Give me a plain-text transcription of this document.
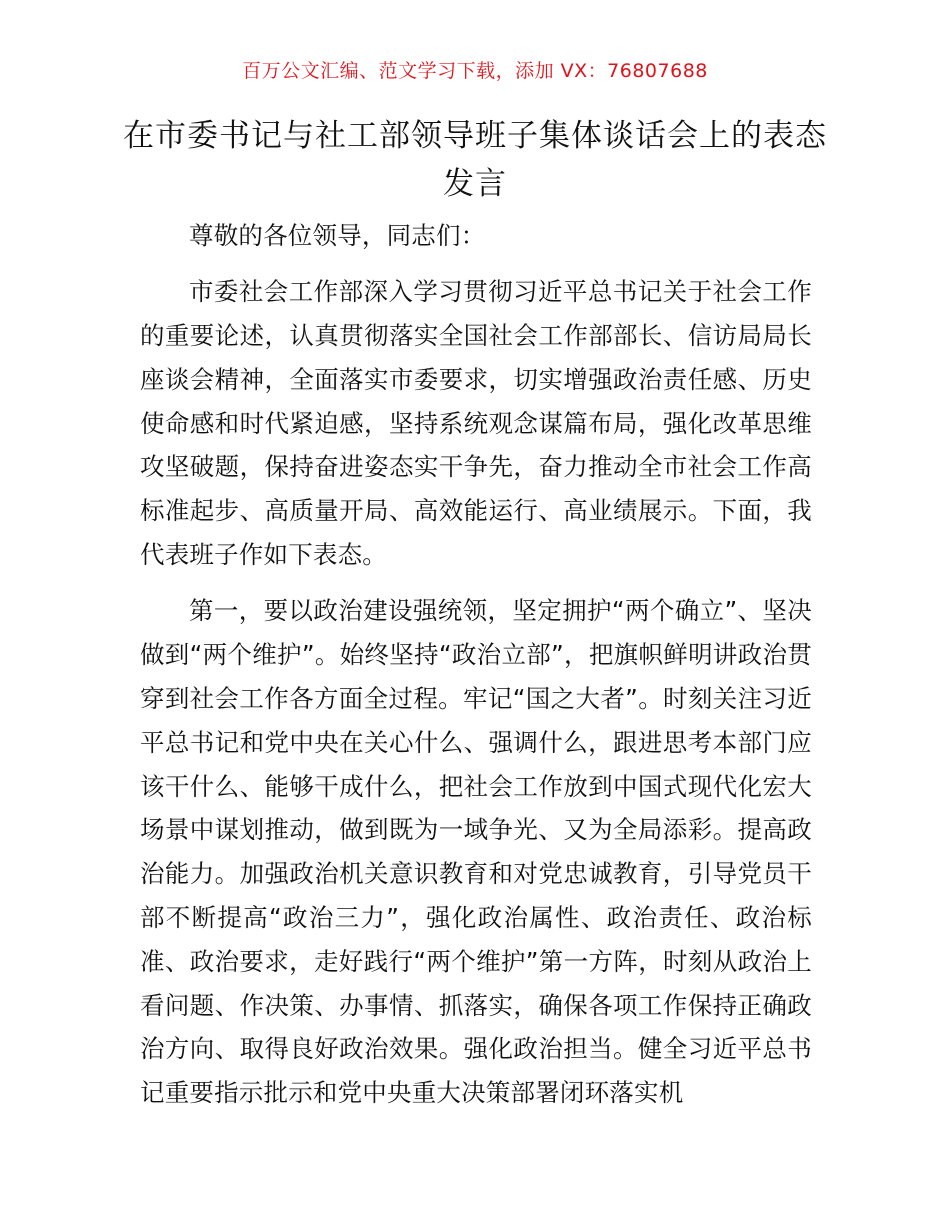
百万公文汇编、范文学习下载，添加 VX：76807688
在市委书记与社工部领导班子集体谈话会上的表态发言

尊敬的各位领导，同志们：

市委社会工作部深入学习贯彻习近平总书记关于社会工作的重要论述，认真贯彻落实全国社会工作部部长、信访局局长座谈会精神，全面落实市委要求，切实增强政治责任感、历史使命感和时代紧迫感，坚持系统观念谋篇布局，强化改革思维攻坚破题，保持奋进姿态实干争先，奋力推动全市社会工作高标准起步、高质量开局、高效能运行、高业绩展示。下面，我代表班子作如下表态。

第一，要以政治建设强统领，坚定拥护“两个确立”、坚决做到“两个维护”。始终坚持“政治立部”，把旗帜鲜明讲政治贯穿到社会工作各方面全过程。牢记“国之大者”。时刻关注习近平总书记和党中央在关心什么、强调什么，跟进思考本部门应该干什么、能够干成什么，把社会工作放到中国式现代化宏大场景中谋划推动，做到既为一域争光、又为全局添彩。提高政治能力。加强政治机关意识教育和对党忠诚教育，引导党员干部不断提高“政治三力”，强化政治属性、政治责任、政治标准、政治要求，走好践行“两个维护”第一方阵，时刻从政治上看问题、作决策、办事情、抓落实，确保各项工作保持正确政治方向、取得良好政治效果。强化政治担当。健全习近平总书记重要指示批示和党中央重大决策部署闭环落实机
